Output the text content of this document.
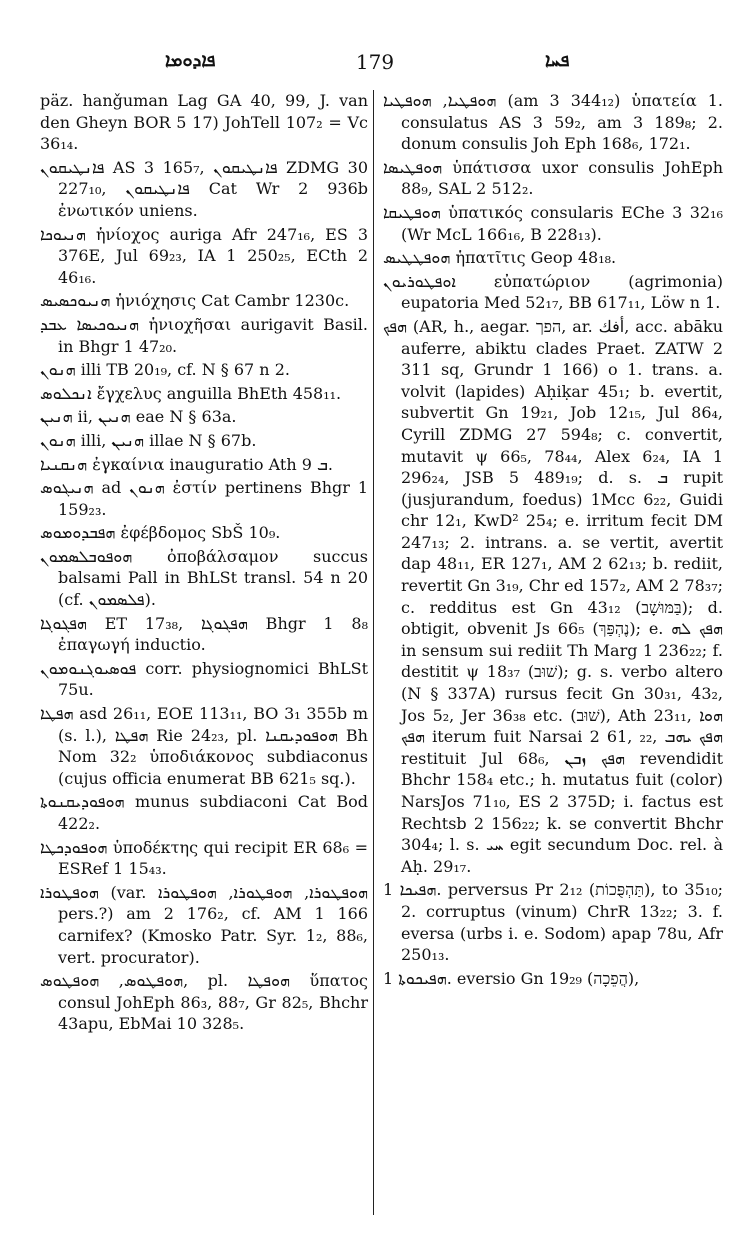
ܦܐܕܘܡܐ	179	ܦܚܐ

päz. hanǧuman Lag GA 40, 99, J. van den Gheyn BOR 5 17) JohTell 107₂ = Vc 36₁₄.

ܦܐܢܛܝܩܘܢ AS 3 165₇, ܦܐܢܛܝܩܘܢ ZDMG 30 227₁₀, ܦܐܢܛܝܩܘܢ Cat Wr 2 936b ἐνωτικόν uniens.

ܗܢܝܘܟܐ ἡνίοχος auriga Afr 247₁₆, ES 3 376E, Jul 69₂₃, IA 1 250₂₅, ECth 2 46₁₆.

ܗܢܝܘܟܣܝܣ ἡνιόχησις Cat Cambr 1230c.

ܗܢܝܘܟܝܣܐ ܥܒܕ ἡνιοχῆσαι aurigavit Basil. in Bhgr 1 47₂₀.

ܗܢܘܢ illi TB 20₁₉, cf. N § 67 n 2.

ܐܢܟܠܘܣ ἔγχελυς anguilla BhEth 458₁₁.

ܗܢܝܢ ii, ܗܢܝܢ eae N § 63a.

ܗܢܘܢ illi, ܗܢܝܢ illae N § 67b.

ܗܢܩܢܝܐ ἐγκαίνια inauguratio Ath ܒ 9.

ܗܢܝܓܘܣ ad ܗܢܘܢ ἐστίν pertinens Bhgr 1 159₂₃.

ܗܦܒܕܘܡܘܣ ἐφέβδομος SbŠ 10₉.

ܗܘܦܘܒܠܣܡܘܢ ὀποβάλσαμον succus balsami Pall in BhLSt transl. 54 n 20 (cf. ܦܠܣܡܘܢ).

ܗܦܓܘܓܐ ET 17₃₈, ܗܦܓܘܓܐ Bhgr 1 8₈ ἐπαγωγή inductio.

ܦܘܣܝܘܓܢܘܡܘܢ corr. physiognomici BhLSt 75u.

ܗܦܛܐ asd 26₁₁, EOE 113₁₁, BO 3₁ 355b m (s. l.), ܗܦܛܐ Rie 24₂₃, pl. ܗܘܦܘܕܝܩܢܐ Bh Nom 32₂ ὑποδιάκονος subdiaconus (cujus officia enumerat BB 621₅ sq.).

ܗܘܦܘܕܝܩܢܘܬܐ munus subdiaconi Cat Bod 422₂.

ܗܘܦܘܕܟܛܐ ὑποδέκτης qui recipit ER 68₆ = ESRef 1 15₄₃.

ܗܘܦܛܘܪܐ (var. ܗܘܦܛܘܪܐ, ܗܘܦܛܘܪܐ, ܗܘܦܛܘܪܐ pers.?) am 2 176₂, cf. AM 1 166 carnifex? (Kmosko Patr. Syr. 1₂, 88₆, vert. procurator).

ܗܘܦܛܘܣ, ܗܘܦܛܘܣ, pl. ܗܘܦܛܐ ὕπατος consul JohEph 86₃, 88₇, Gr 82₅, Bhchr 43apu, EbMai 10 328₅.

ܗܘܦܛܝܐ, ܗܘܦܛܝܐ (am 3 344₁₂) ὑπατεία 1. consulatus AS 3 59₂, am 3 189₈; 2. donum consulis Joh Eph 168₆, 172₁.

ܗܘܦܛܝܣܐ ὑπάτισσα uxor consulis JohEph 88₉, SAL 2 512₂.

ܗܘܦܛܝܩܐ ὑπατικός consularis EChe 3 32₁₆ (Wr McL 166₁₆, B 228₁₃).

ܗܘܦܛܛܝܣ ἡπατῖτις Geop 48₁₈.

ܐܘܦܛܘܪܝܘܢ εὐπατώριον (agrimonia) eupatoria Med 52₁₇, BB 617₁₁, Löw n 1.

ܗܦܟ (AR, h., aegar. הפך, ar. أفك, acc. abāku auferre, abiktu clades Praet. ZATW 2 311 sq, Grundr 1 166) o 1. trans. a. volvit (lapides) Aḥiḳar 45₁; b. evertit, subvertit Gn 19₂₁, Job 12₁₅, Jul 86₄, Cyrill ZDMG 27 594₈; c. convertit, mutavit ψ 66₅, 78₄₄, Alex 6₂₄, IA 1 296₂₄, JSB 5 489₁₉; d. s. ܒ rupit (jusjurandum, foedus) 1Mcc 6₂₂, Guidi chr 12₁, KwD² 25₄; e. irritum fecit DM 247₁₃; 2. intrans. a. se vertit, avertit dap 48₁₁, ER 127₁, AM 2 62₁₃; b. rediit, revertit Gn 3₁₉, Chr ed 157₂, AM 2 78₃₇; c. redditus est Gn 43₁₂ (בַּמּוּשָׁב); d. obtigit, obvenit Js 66₅ (נֶהְפַּךְ); e. ܗܦܟ ܠܗ in sensum sui rediit Th Marg 1 236₂₂; f. destitit ψ 18₃₇ (שׁוּב); g. s. verbo altero (N § 337A) rursus fecit Gn 30₃₁, 43₂, Jos 5₂, Jer 36₃₈ etc. (שׁוּב), Ath 23₁₁, ܗܘܐ ܗܦܟ iterum fuit Narsai 2 61, ₂₂, ܗܦܟ ܝܗܒ restituit Jul 68₆, ܗܦܟ ܙܒܢ revendidit Bhchr 158₄ etc.; h. mutatus fuit (color) NarsJos 71₁₀, ES 2 375D; i. factus est Rechtsb 2 156₂₂; k. se convertit Bhchr 304₄; l. s. ܚܝ egit secundum Doc. rel. à Aḥ. 29₁₇.

ܗܦܝܟܐ 1. perversus Pr 2₁₂ (תַּהְפֻּכוֹת), to 35₁₀; 2. corruptus (vinum) ChrR 13₂₂; 3. f. eversa (urbs i. e. Sodom) apap 78u, Afr 250₁₃.

ܗܦܝܟܘܬܐ 1. eversio Gn 19₂₉ (הֲפֵכָה),
